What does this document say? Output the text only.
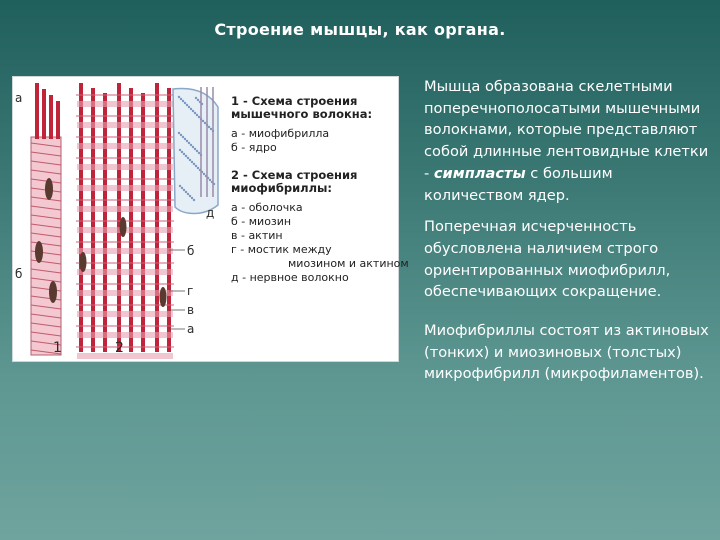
Строение мышцы, как органа.
1 - Схема строения мышечного волокна:
а - миофибрилла
б - ядро
2 - Схема строения миофибриллы:
а - оболочка
б - миозин
в - актин
г - мостик между
миозином и актином
д - нервное волокно
а
б
1	2
д
б
г
в
а

Мышца образована скелетными поперечнополосатыми мышечными волокнами, которые представляют собой длинные лентовидные клетки - симпласты с большим количеством ядер.

Поперечная исчерченность обусловлена наличием строго ориентированных миофибрилл, обеспечивающих сокращение.

Миофибриллы состоят из актиновых (тонких) и миозиновых (толстых) микрофибрилл (микрофиламентов).
